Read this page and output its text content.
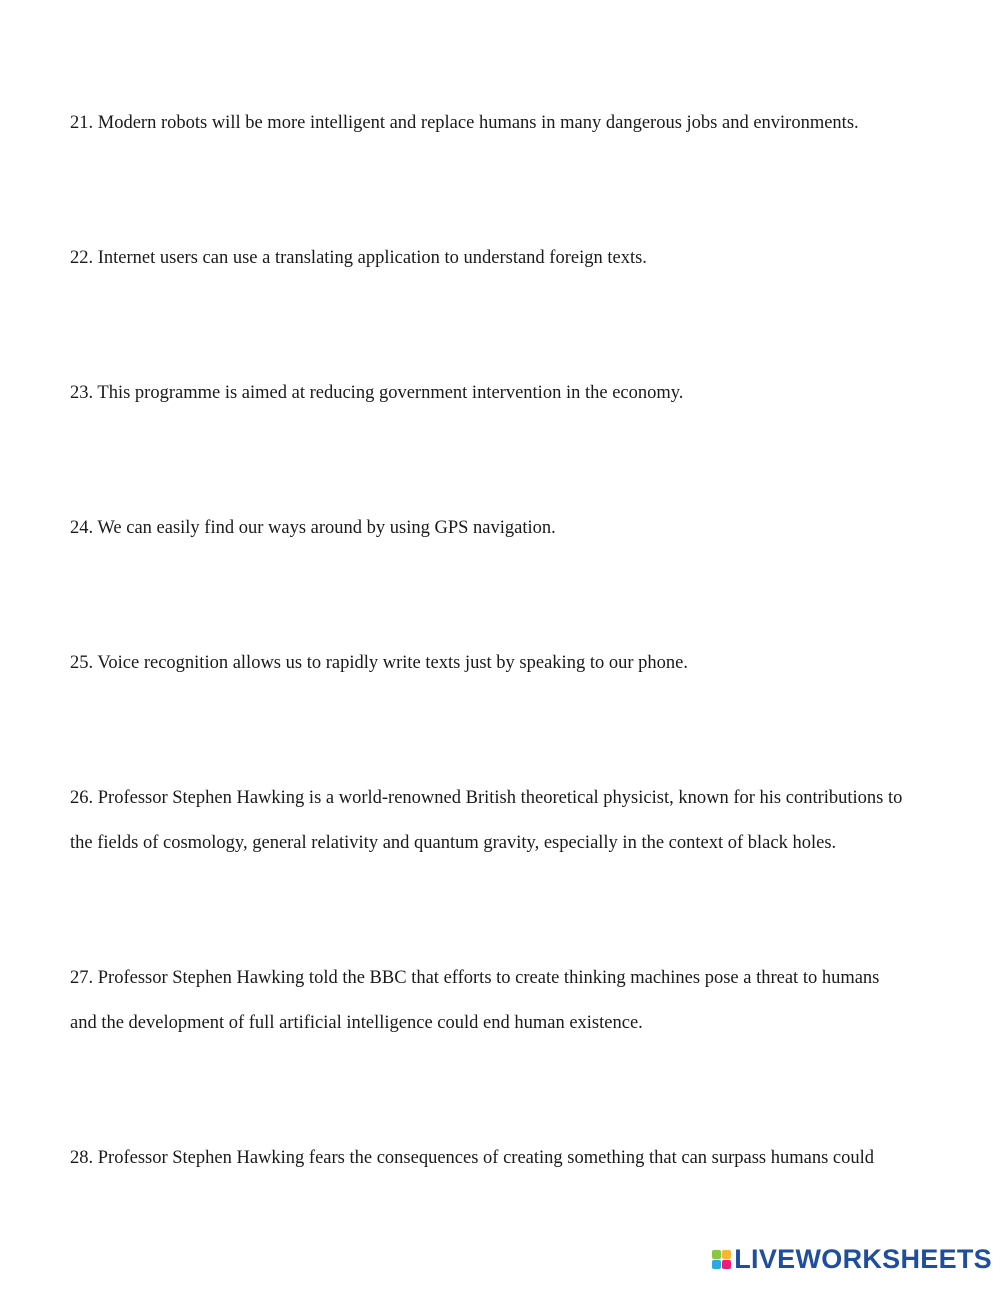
21. Modern robots will be more intelligent and replace humans in many dangerous jobs and environments.

22. Internet users can use a translating application to understand foreign texts.

23. This programme is aimed at reducing government intervention in the economy.

24. We can easily find our ways around by using GPS navigation.

25. Voice recognition allows us to rapidly write texts just by speaking to our phone.

26. Professor Stephen Hawking is a world-renowned British theoretical physicist, known for his contributions to
the fields of cosmology, general relativity and quantum gravity, especially in the context of black holes.

27. Professor Stephen Hawking told the BBC that efforts to create thinking machines pose a threat to humans
and the development of full artificial intelligence could end human existence.

28. Professor Stephen Hawking fears the consequences of creating something that can surpass humans could

LIVEWORKSHEETS
